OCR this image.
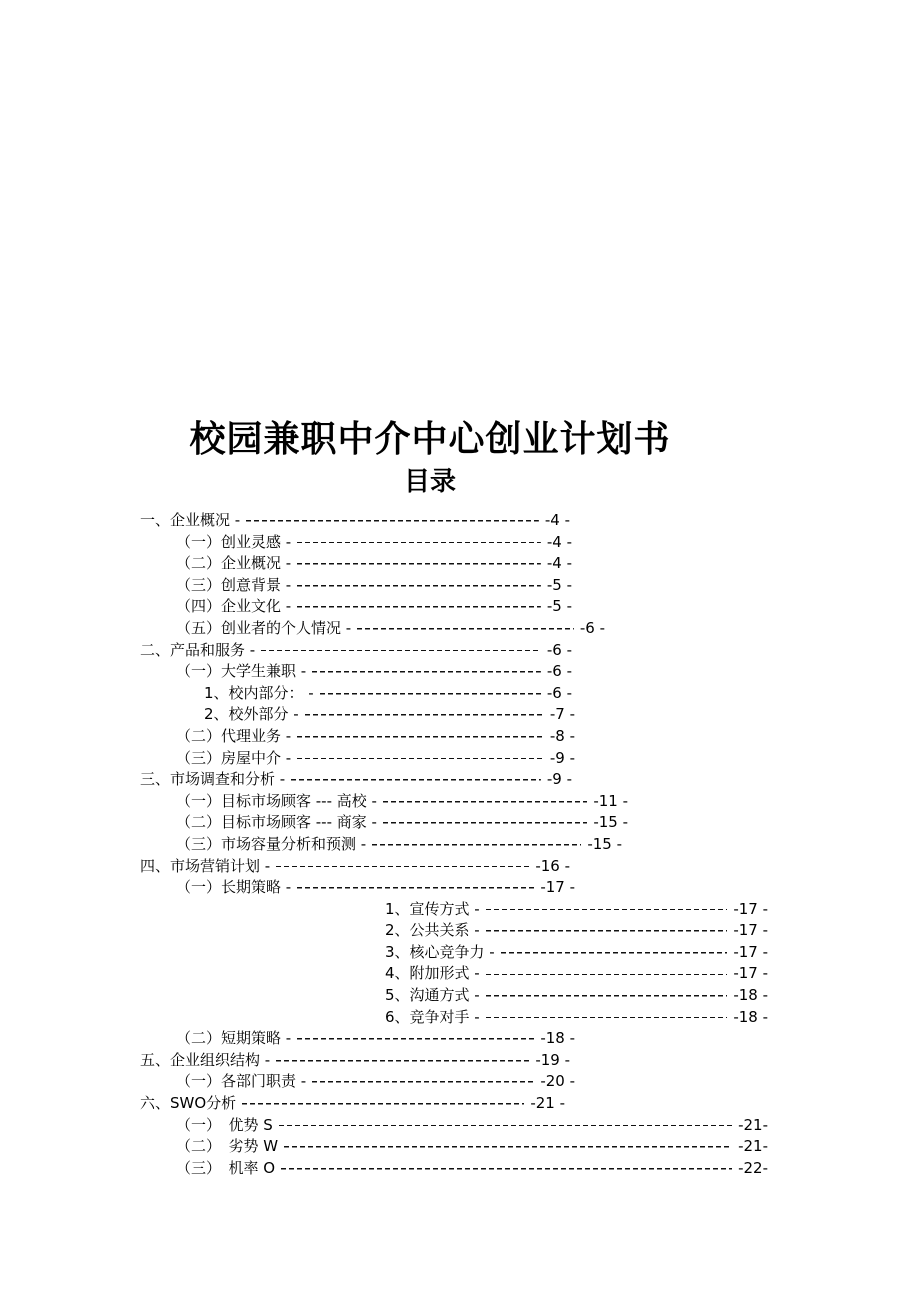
校园兼职中介中心创业计划书
目录
一、企业概况 -	-4 -
（一）创业灵感 -	-4 -
（二）企业概况 -	-4 -
（三）创意背景 -	-5 -
（四）企业文化 -	-5 -
（五）创业者的个人情况 -	-6 -
二、产品和服务 -	-6 -
（一）大学生兼职 -	-6 -
1、校内部分： -	-6 -
2、校外部分 -	-7 -
（二）代理业务 -	-8 -
（三）房屋中介 -	-9 -
三、市场调查和分析 -	-9 -
（一）目标市场顾客 --- 高校 -	-11 -
（二）目标市场顾客 --- 商家 -	-15 -
（三）市场容量分析和预测 -	-15 -
四、市场营销计划 -	-16 -
（一）长期策略 -	-17 -
1、宣传方式 -	-17 -
2、公共关系 -	-17 -
3、核心竞争力 -	-17 -
4、附加形式 -	-17 -
5、沟通方式 -	-18 -
6、竞争对手 -	-18 -
（二）短期策略 -	-18 -
五、企业组织结构 -	-19 -
（一）各部门职责 -	-20 -
六、SWO分析	-21 -
（一）　优势 S	-21-
（二）　劣势 W	-21-
（三）　机率 O	-22-
